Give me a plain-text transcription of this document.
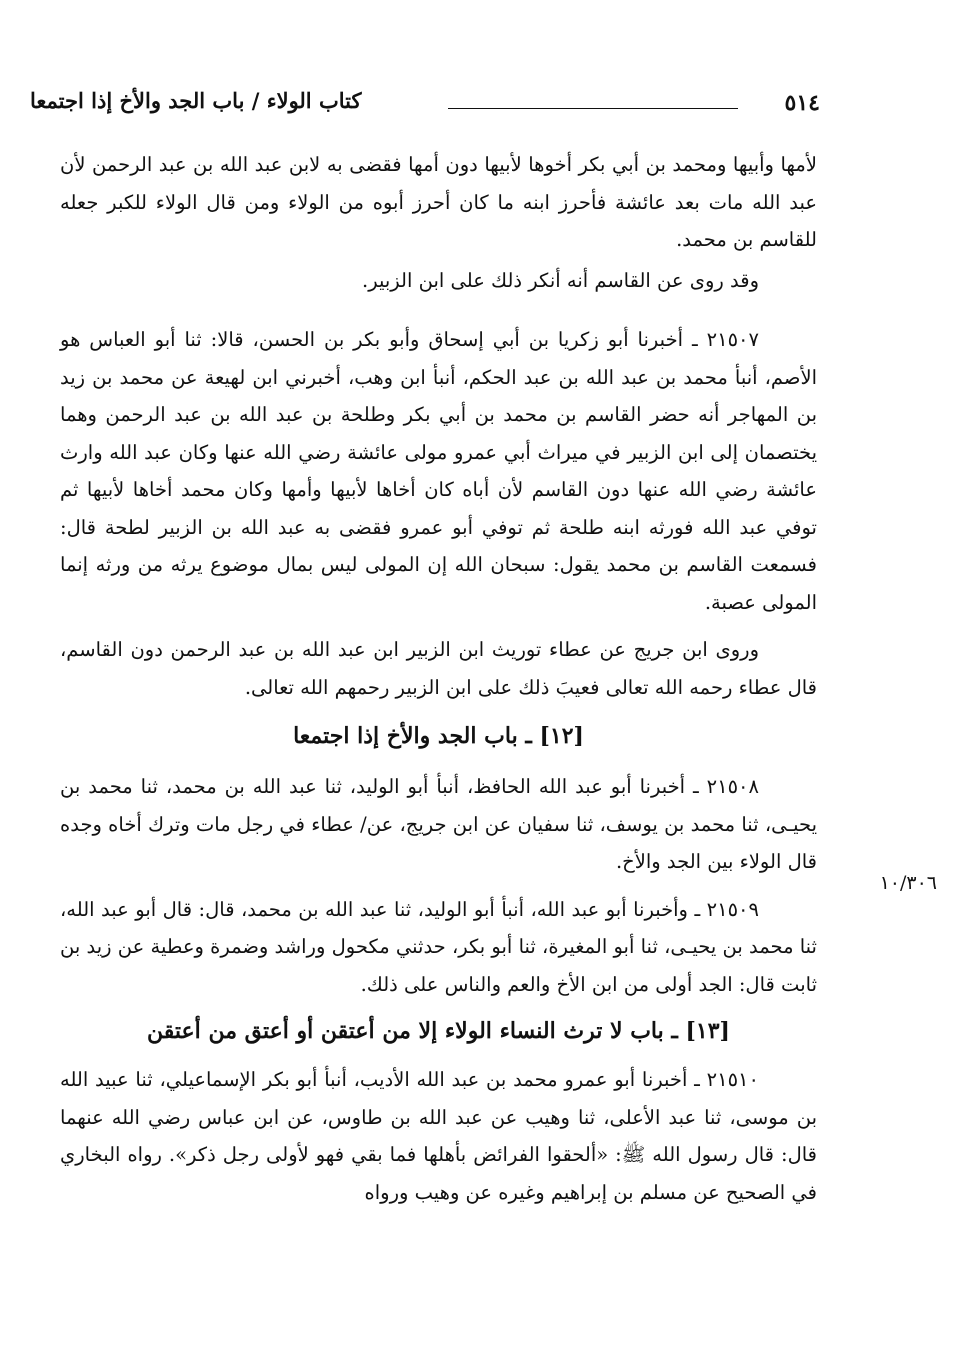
٥١٤
كتاب الولاء / باب الجد والأخ إذا اجتمعا
١٠/٣٠٦

لأمها وأبيها ومحمد بن أبي بكر أخوها لأبيها دون أمها فقضى به لابن عبد الله بن عبد الرحمن لأن عبد الله مات بعد عائشة فأحرز ابنه ما كان أحرز أبوه من الولاء ومن قال الولاء للكبر جعله للقاسم بن محمد.

وقد روى عن القاسم أنه أنكر ذلك على ابن الزبير.

٢١٥٠٧ ـ أخبرنا أبو زكريا بن أبي إسحاق وأبو بكر بن الحسن، قالا: ثنا أبو العباس هو الأصم، أنبأ محمد بن عبد الله بن عبد الحكم، أنبأ ابن وهب، أخبرني ابن لهيعة عن محمد بن زيد بن المهاجر أنه حضر القاسم بن محمد بن أبي بكر وطلحة بن عبد الله بن عبد الرحمن وهما يختصمان إلى ابن الزبير في ميراث أبي عمرو مولى عائشة رضي الله عنها وكان عبد الله وارث عائشة رضي الله عنها دون القاسم لأن أباه كان أخاها لأبيها وأمها وكان محمد أخاها لأبيها ثم توفي عبد الله فورثه ابنه طلحة ثم توفي أبو عمرو فقضى به عبد الله بن الزبير لطحة قال: فسمعت القاسم بن محمد يقول: سبحان الله إن المولى ليس بمال موضوع يرثه من ورثه إنما المولى عصبة.

وروى ابن جريج عن عطاء توريث ابن الزبير ابن عبد الله بن عبد الرحمن دون القاسم، قال عطاء رحمه الله تعالى فعيبَ ذلك على ابن الزبير رحمهم الله تعالى.

[١٢] ـ باب الجد والأخ إذا اجتمعا

٢١٥٠٨ ـ أخبرنا أبو عبد الله الحافظ، أنبأ أبو الوليد، ثنا عبد الله بن محمد، ثنا محمد بن يحيـى، ثنا محمد بن يوسف، ثنا سفيان عن ابن جريج، عن/ عطاء في رجل مات وترك أخاه وجده قال الولاء بين الجد والأخ.

٢١٥٠٩ ـ وأخبرنا أبو عبد الله، أنبأ أبو الوليد، ثنا عبد الله بن محمد، قال: قال أبو عبد الله، ثنا محمد بن يحيـى، ثنا أبو المغيرة، ثنا أبو بكر، حدثني مكحول وراشد وضمرة وعطية عن زيد بن ثابت قال: الجد أولى من ابن الأخ والعم والناس على ذلك.

[١٣] ـ باب لا ترث النساء الولاء إلا من أعتقن أو أعتق من أعتقن

٢١٥١٠ ـ أخبرنا أبو عمرو محمد بن عبد الله الأديب، أنبأ أبو بكر الإسماعيلي، ثنا عبيد الله بن موسى، ثنا عبد الأعلى، ثنا وهيب عن عبد الله بن طاوس، عن ابن عباس رضي الله عنهما قال: قال رسول الله ﷺ: «ألحقوا الفرائض بأهلها فما بقي فهو لأولى رجل ذكر». رواه البخاري في الصحيح عن مسلم بن إبراهيم وغيره عن وهيب ورواه
